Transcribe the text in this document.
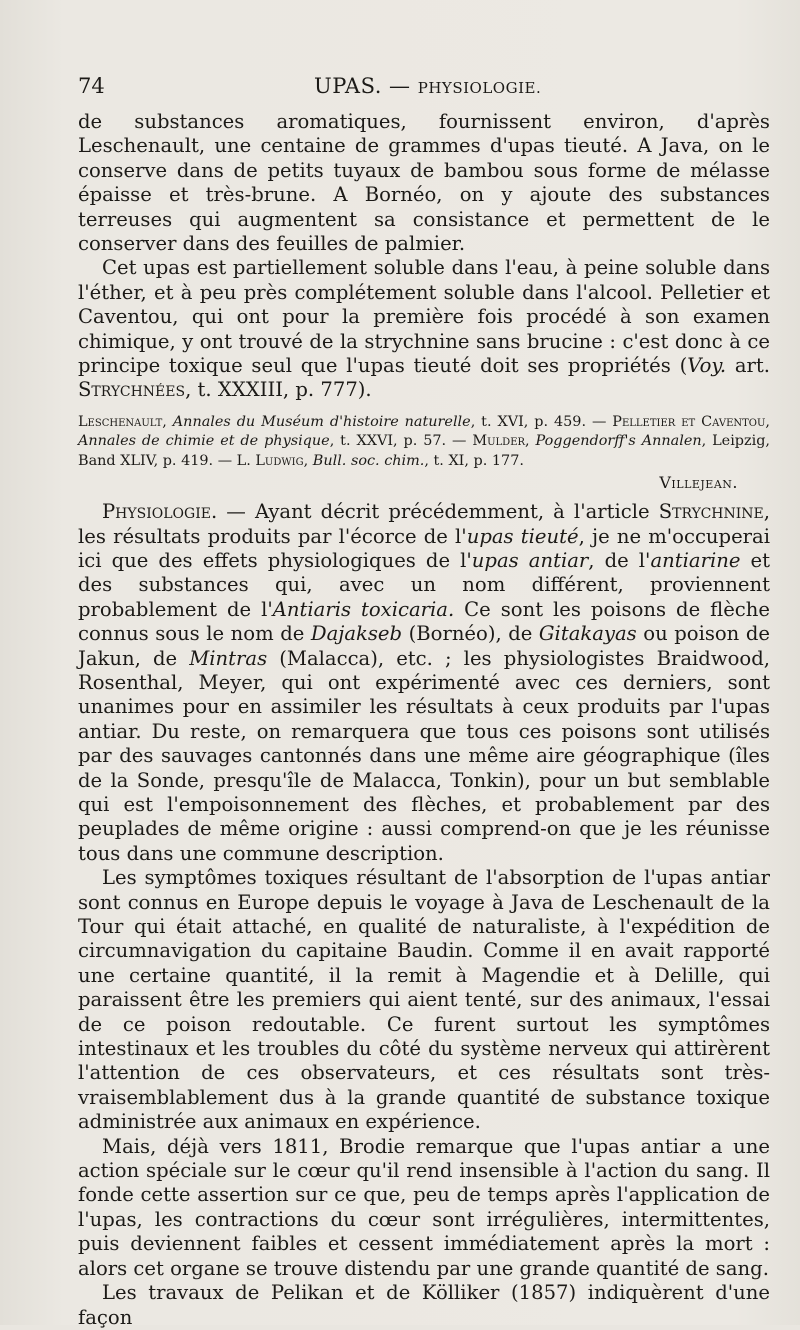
74	UPAS. — PHYSIOLOGIE.

de substances aromatiques, fournissent environ, d'après Leschenault, une centaine de grammes d'upas tieuté. A Java, on le conserve dans de petits tuyaux de bambou sous forme de mélasse épaisse et très-brune. A Bornéo, on y ajoute des substances terreuses qui augmentent sa consistance et permettent de le conserver dans des feuilles de palmier.

Cet upas est partiellement soluble dans l'eau, à peine soluble dans l'éther, et à peu près complétement soluble dans l'alcool. Pelletier et Caventou, qui ont pour la première fois procédé à son examen chimique, y ont trouvé de la strychnine sans brucine : c'est donc à ce principe toxique seul que l'upas tieuté doit ses propriétés (Voy. art. Strychnées, t. XXXIII, p. 777).

Leschenault, Annales du Muséum d'histoire naturelle, t. XVI, p. 459. — Pelletier et Caventou, Annales de chimie et de physique, t. XXVI, p. 57. — Mulder, Poggendorff's Annalen, Leipzig, Band XLIV, p. 419. — L. Ludwig, Bull. soc. chim., t. XI, p. 177.

Villejean.

Physiologie. — Ayant décrit précédemment, à l'article Strychnine, les résultats produits par l'écorce de l'upas tieuté, je ne m'occuperai ici que des effets physiologiques de l'upas antiar, de l'antiarine et des substances qui, avec un nom différent, proviennent probablement de l'Antiaris toxicaria. Ce sont les poisons de flèche connus sous le nom de Dajakseb (Bornéo), de Gitakayas ou poison de Jakun, de Mintras (Malacca), etc. ; les physiologistes Braidwood, Rosenthal, Meyer, qui ont expérimenté avec ces derniers, sont unanimes pour en assimiler les résultats à ceux produits par l'upas antiar. Du reste, on remarquera que tous ces poisons sont utilisés par des sauvages cantonnés dans une même aire géographique (îles de la Sonde, presqu'île de Malacca, Tonkin), pour un but semblable qui est l'empoisonnement des flèches, et probablement par des peuplades de même origine : aussi comprend-on que je les réunisse tous dans une commune description.

Les symptômes toxiques résultant de l'absorption de l'upas antiar sont connus en Europe depuis le voyage à Java de Leschenault de la Tour qui était attaché, en qualité de naturaliste, à l'expédition de circumnavigation du capitaine Baudin. Comme il en avait rapporté une certaine quantité, il la remit à Magendie et à Delille, qui paraissent être les premiers qui aient tenté, sur des animaux, l'essai de ce poison redoutable. Ce furent surtout les symptômes intestinaux et les troubles du côté du système nerveux qui attirèrent l'attention de ces observateurs, et ces résultats sont très-vraisemblablement dus à la grande quantité de substance toxique administrée aux animaux en expérience.

Mais, déjà vers 1811, Brodie remarque que l'upas antiar a une action spéciale sur le cœur qu'il rend insensible à l'action du sang. Il fonde cette assertion sur ce que, peu de temps après l'application de l'upas, les contractions du cœur sont irrégulières, intermittentes, puis deviennent faibles et cessent immédiatement après la mort : alors cet organe se trouve distendu par une grande quantité de sang.

Les travaux de Pelikan et de Kölliker (1857) indiquèrent d'une façon
